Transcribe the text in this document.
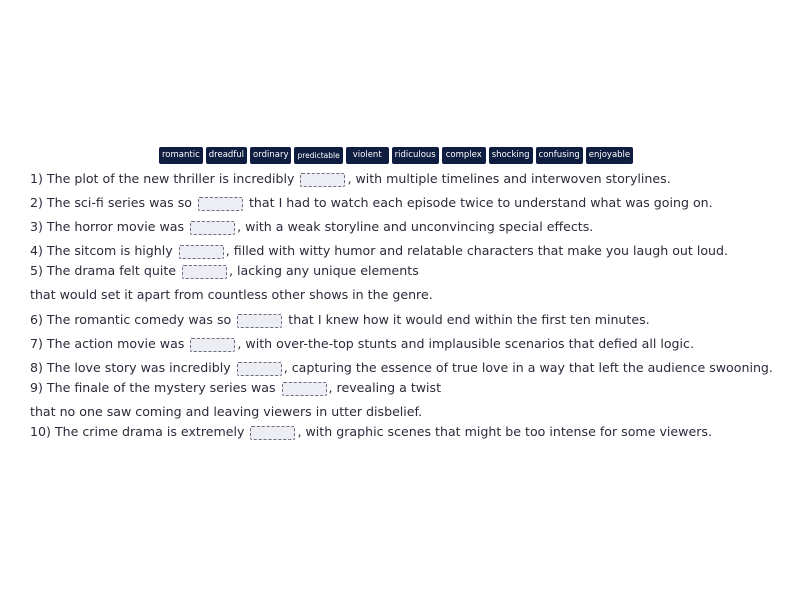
romantic	dreadful	ordinary	predictable	violent	ridiculous	complex	shocking	confusing	enjoyable
1) The plot of the new thriller is incredibly	, with multiple timelines and interwoven storylines.
2) The sci-fi series was so	that I had to watch each episode twice to understand what was going on.
3) The horror movie was	, with a weak storyline and unconvincing special effects.
4) The sitcom is highly	, filled with witty humor and relatable characters that make you laugh out loud.
5) The drama felt quite	, lacking any unique elements
that would set it apart from countless other shows in the genre.
6) The romantic comedy was so	that I knew how it would end within the first ten minutes.
7) The action movie was	, with over-the-top stunts and implausible scenarios that defied all logic.
8) The love story was incredibly	, capturing the essence of true love in a way that left the audience swooning.
9) The finale of the mystery series was	, revealing a twist
that no one saw coming and leaving viewers in utter disbelief.
10) The crime drama is extremely	, with graphic scenes that might be too intense for some viewers.
